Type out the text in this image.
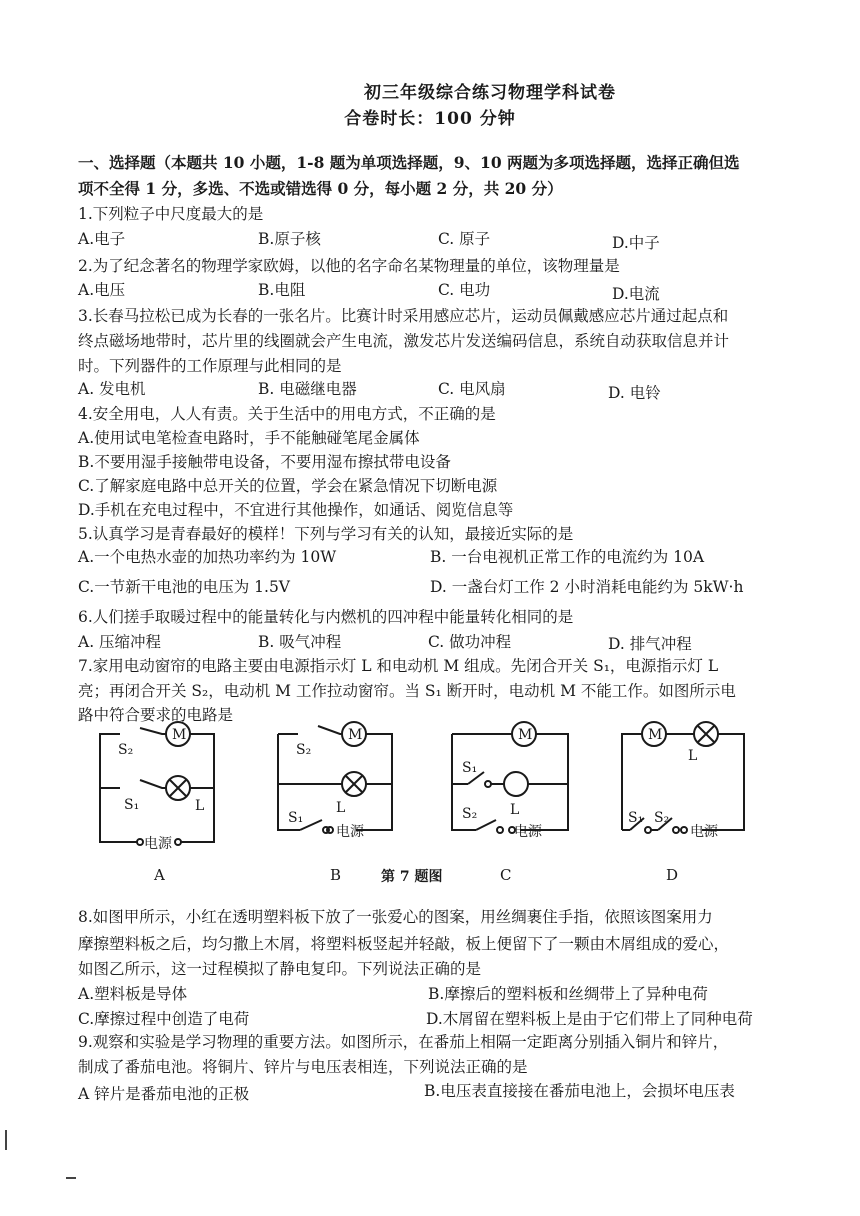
初三年级综合练习物理学科试卷
合卷时长：100 分钟
一、选择题（本题共 10 小题，1-8 题为单项选择题，9、10 两题为多项选择题，选择正确但选
项不全得 1 分，多选、不选或错选得 0 分，每小题 2 分，共 20 分）
1.下列粒子中尺度最大的是
A.电子	B.原子核	C. 原子	D.中子
2.为了纪念著名的物理学家欧姆，以他的名字命名某物理量的单位，该物理量是
A.电压	B.电阻	C. 电功	D.电流
3.长春马拉松已成为长春的一张名片。比赛计时采用感应芯片，运动员佩戴感应芯片通过起点和
终点磁场地带时，芯片里的线圈就会产生电流，激发芯片发送编码信息，系统自动获取信息并计
时。下列器件的工作原理与此相同的是
A. 发电机	B. 电磁继电器	C. 电风扇	D. 电铃
4.安全用电，人人有责。关于生活中的用电方式，不正确的是
A.使用试电笔检查电路时，手不能触碰笔尾金属体
B.不要用湿手接触带电设备，不要用湿布擦拭带电设备
C.了解家庭电路中总开关的位置，学会在紧急情况下切断电源
D.手机在充电过程中，不宜进行其他操作，如通话、阅览信息等
5.认真学习是青春最好的模样！下列与学习有关的认知，最接近实际的是
A.一个电热水壶的加热功率约为 10W	B. 一台电视机正常工作的电流约为 10A
C.一节新干电池的电压为 1.5V	D. 一盏台灯工作 2 小时消耗电能约为 5kW·h
6.人们搓手取暖过程中的能量转化与内燃机的四冲程中能量转化相同的是
A. 压缩冲程	B. 吸气冲程	C. 做功冲程	D. 排气冲程
7.家用电动窗帘的电路主要由电源指示灯 L 和电动机 M 组成。先闭合开关 S₁，电源指示灯 L
亮；再闭合开关 S₂，电动机 M 工作拉动窗帘。当 S₁ 断开时，电动机 M 不能工作。如图所示电
路中符合要求的电路是
S₂
M
S₁	L
电源
S₂
M
L
S₁
电源
M
S₁
L
S₂
电源
M
L
S₁ S₂
电源
A	B	第 7 题图	C	D
8.如图甲所示，小红在透明塑料板下放了一张爱心的图案，用丝绸裹住手指，依照该图案用力
摩擦塑料板之后，均匀撒上木屑，将塑料板竖起并轻敲，板上便留下了一颗由木屑组成的爱心，
如图乙所示，这一过程模拟了静电复印。下列说法正确的是
A.塑料板是导体	B.摩擦后的塑料板和丝绸带上了异种电荷
C.摩擦过程中创造了电荷	D.木屑留在塑料板上是由于它们带上了同种电荷
9.观察和实验是学习物理的重要方法。如图所示，在番茄上相隔一定距离分别插入铜片和锌片，
制成了番茄电池。将铜片、锌片与电压表相连，下列说法正确的是
A 锌片是番茄电池的正极	B.电压表直接接在番茄电池上，会损坏电压表
